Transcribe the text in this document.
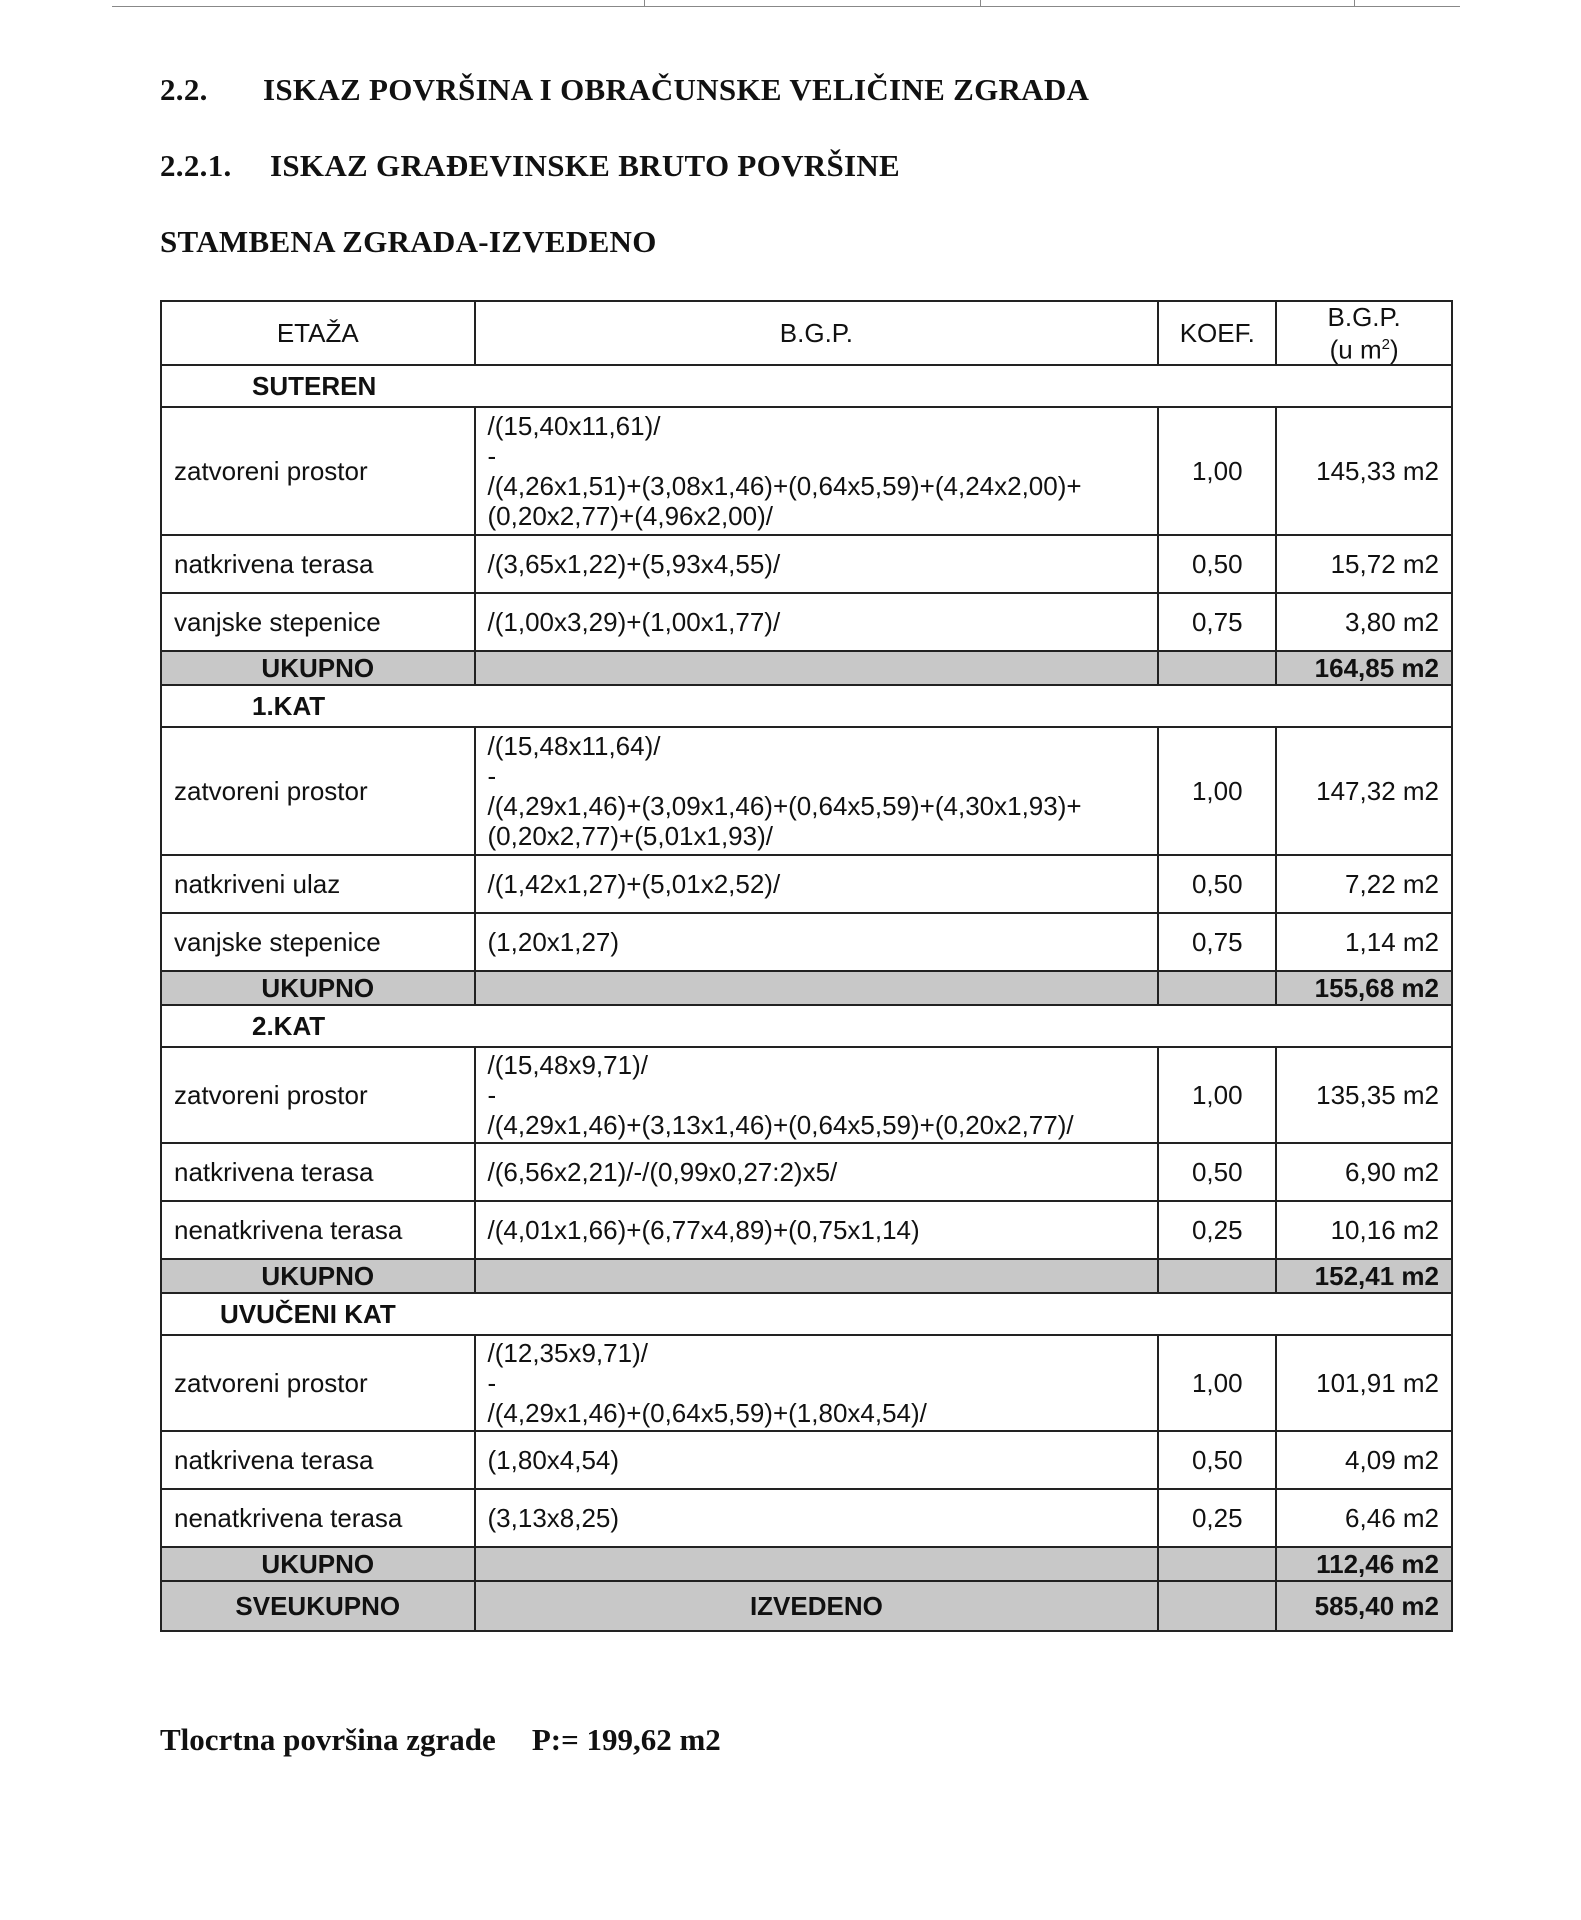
2.2. ISKAZ POVRŠINA I OBRAČUNSKE VELIČINE ZGRADA
2.2.1. ISKAZ GRAĐEVINSKE BRUTO POVRŠINE
STAMBENA ZGRADA-IZVEDENO
ETAŽA	B.G.P.	KOEF.	B.G.P.
(u $m^2$)
SUTEREN			
zatvoreni prostor	/(15,40x11,61)/
-
/(4,26x1,51)+(3,08x1,46)+(0,64x5,59)+(4,24x2,00)+
(0,20x2,77)+(4,96x2,00)/	1,00	145,33 m2
natkrivena terasa	/(3,65x1,22)+(5,93x4,55)/	0,50	15,72 m2
vanjske stepenice	/(1,00x3,29)+(1,00x1,77)/	0,75	3,80 m2
UKUPNO			164,85 m2
1.KAT			
zatvoreni prostor	/(15,48x11,64)/
-
/(4,29x1,46)+(3,09x1,46)+(0,64x5,59)+(4,30x1,93)+
(0,20x2,77)+(5,01x1,93)/	1,00	147,32 m2
natkriveni ulaz	/(1,42x1,27)+(5,01x2,52)/	0,50	7,22 m2
vanjske stepenice	(1,20x1,27)	0,75	1,14 m2
UKUPNO			155,68 m2
2.KAT			
zatvoreni prostor	/(15,48x9,71)/
-
/(4,29x1,46)+(3,13x1,46)+(0,64x5,59)+(0,20x2,77)/	1,00	135,35 m2
natkrivena terasa	/(6,56x2,21)/-/(0,99x0,27:2)x5/	0,50	6,90 m2
nenatkrivena terasa	/(4,01x1,66)+(6,77x4,89)+(0,75x1,14)	0,25	10,16 m2
UKUPNO			152,41 m2
UVUČENI KAT			
zatvoreni prostor	/(12,35x9,71)/
-
/(4,29x1,46)+(0,64x5,59)+(1,80x4,54)/	1,00	101,91 m2
natkrivena terasa	(1,80x4,54)	0,50	4,09 m2
nenatkrivena terasa	(3,13x8,25)	0,25	6,46 m2
UKUPNO			112,46 m2
SVEUKUPNO	IZVEDENO		585,40 m2
Tlocrtna površina zgrade P:= 199,62 m2
